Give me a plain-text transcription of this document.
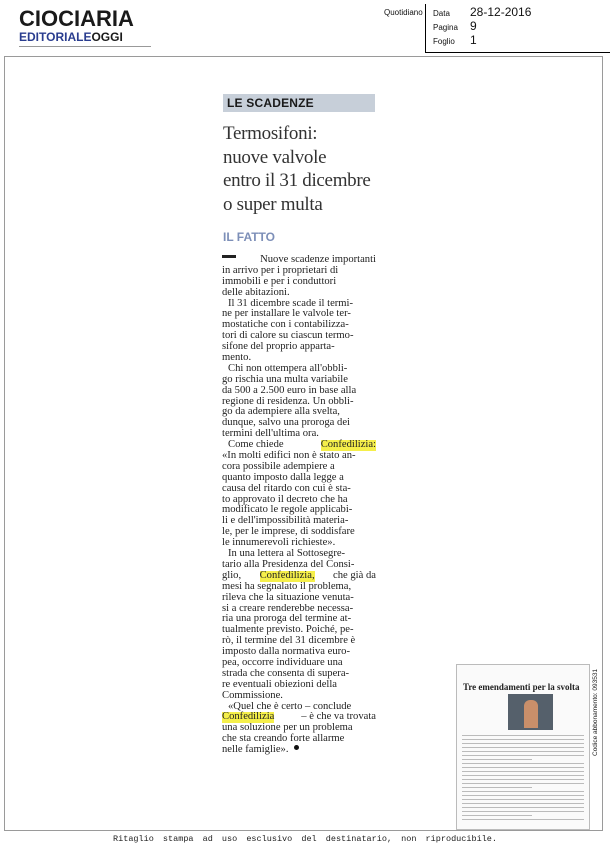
CIOCIARIA
EDITORIALEOGGI
Quotidiano Data 28-12-2016
Pagina 9
Foglio 1
LE SCADENZE
Termosifoni:
nuove valvole
entro il 31 dicembre
o super multa
IL FATTO
Nuove scadenze importanti
in arrivo per i proprietari di
immobili e per i conduttori
delle abitazioni.
Il 31 dicembre scade il termi-
ne per installare le valvole ter-
mostatiche con i contabilizza-
tori di calore su ciascun termo-
sifone del proprio apparta-
mento.
Chi non ottempera all'obbli-
go rischia una multa variabile
da 500 a 2.500 euro in base alla
regione di residenza. Un obbli-
go da adempiere alla svelta,
dunque, salvo una proroga dei
termini dell'ultima ora.
Come chiede	Confedilizia:
«In molti edifici non è stato an-
cora possibile adempiere a
quanto imposto dalla legge a
causa del ritardo con cui è sta-
to approvato il decreto che ha
modificato le regole applicabi-
li e dell'impossibilità materia-
le, per le imprese, di soddisfare
le innumerevoli richieste».
In una lettera al Sottosegre-
tario alla Presidenza del Consi-
glio, Confedilizia, che già da
mesi ha segnalato il problema,
rileva che la situazione venuta-
si a creare renderebbe necessa-
ria una proroga del termine at-
tualmente previsto. Poiché, pe-
rò, il termine del 31 dicembre è
imposto dalla normativa euro-
pea, occorre individuare una
strada che consenta di supera-
re eventuali obiezioni della
Commissione.
«Quel che è certo – conclude
Confedilizia	– è che va trovata
una soluzione per un problema
che sta creando forte allarme
nelle famiglie».
Tre emendamenti per la svolta Codice abbonamento: 093531
Ritaglio stampa ad uso esclusivo del destinatario, non riproducibile.
